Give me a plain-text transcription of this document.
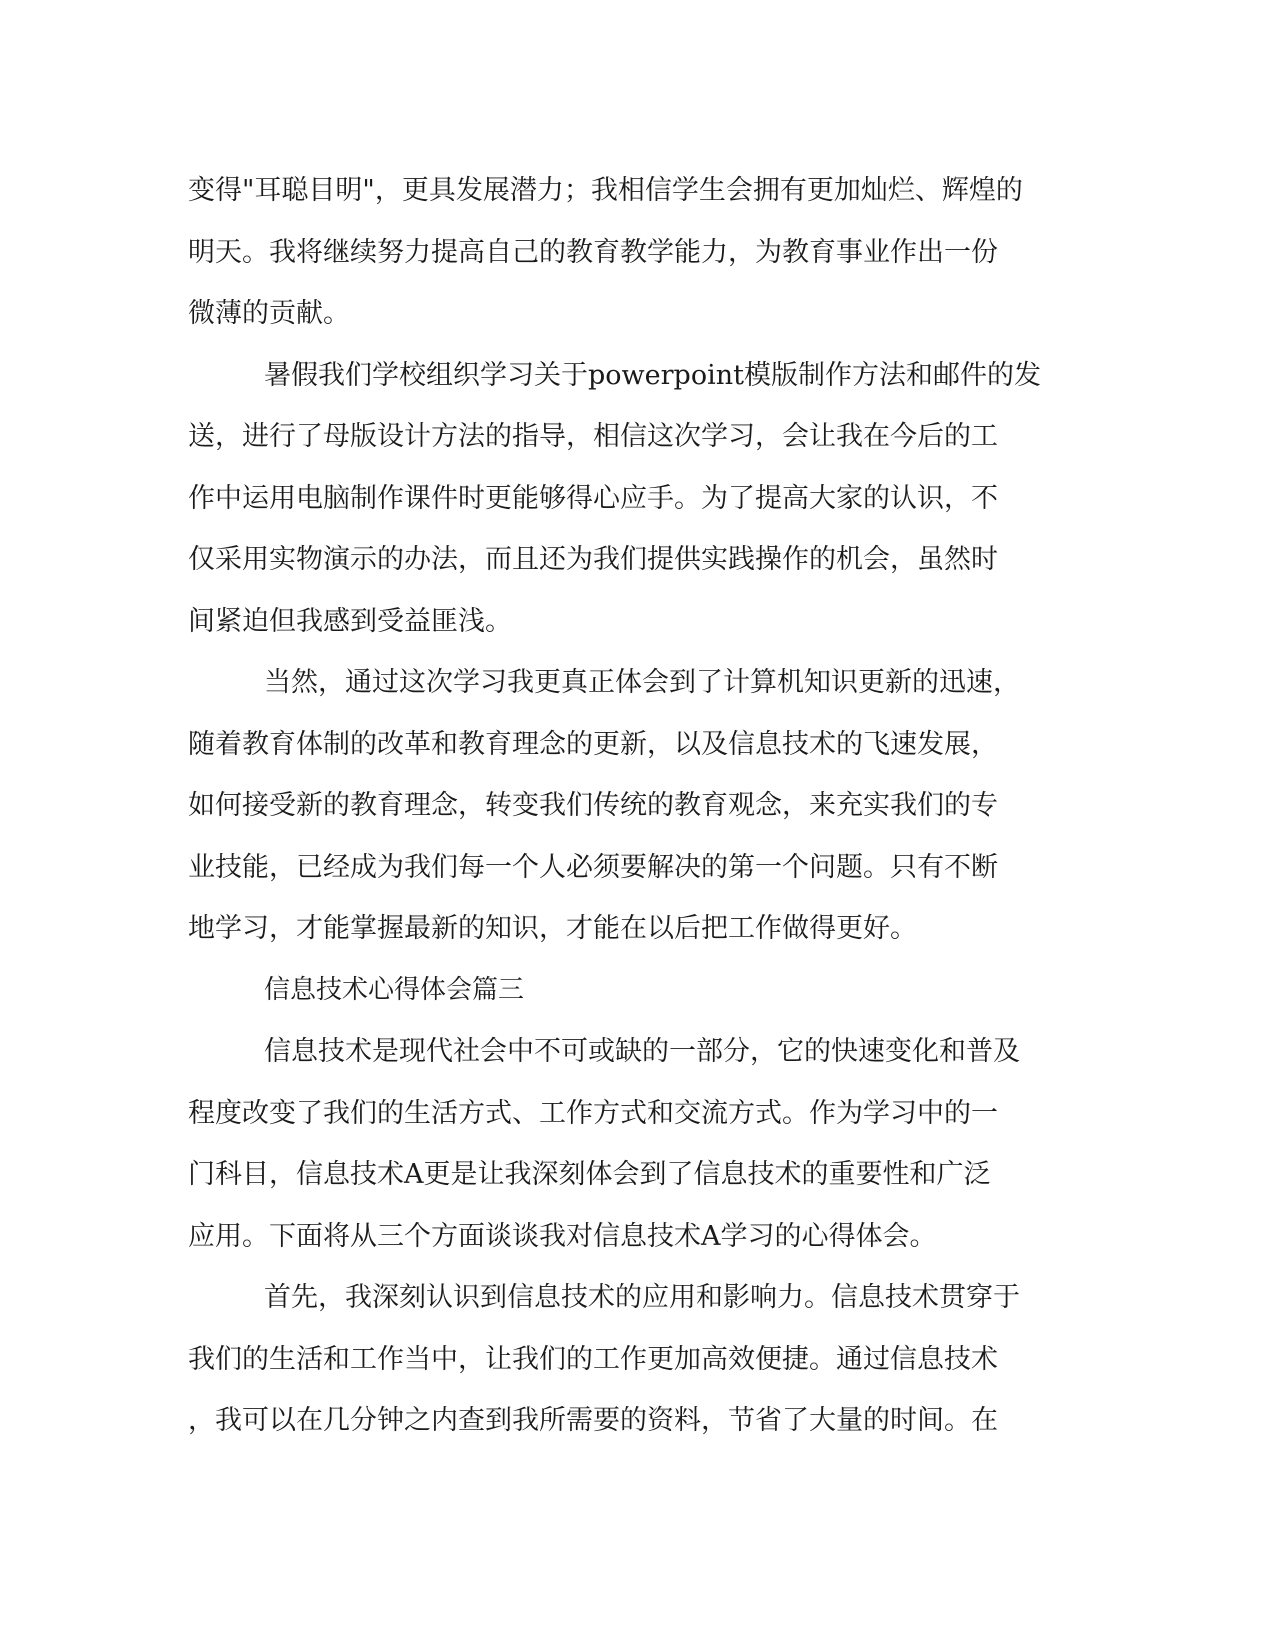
变得"耳聪目明"，更具发展潜力；我相信学生会拥有更加灿烂、辉煌的
明天。我将继续努力提高自己的教育教学能力，为教育事业作出一份
微薄的贡献。
暑假我们学校组织学习关于powerpoint模版制作方法和邮件的发
送，进行了母版设计方法的指导，相信这次学习，会让我在今后的工
作中运用电脑制作课件时更能够得心应手。为了提高大家的认识，不
仅采用实物演示的办法，而且还为我们提供实践操作的机会，虽然时
间紧迫但我感到受益匪浅。
当然，通过这次学习我更真正体会到了计算机知识更新的迅速，
随着教育体制的改革和教育理念的更新，以及信息技术的飞速发展，
如何接受新的教育理念，转变我们传统的教育观念，来充实我们的专
业技能，已经成为我们每一个人必须要解决的第一个问题。只有不断
地学习，才能掌握最新的知识，才能在以后把工作做得更好。
信息技术心得体会篇三
信息技术是现代社会中不可或缺的一部分，它的快速变化和普及
程度改变了我们的生活方式、工作方式和交流方式。作为学习中的一
门科目，信息技术A更是让我深刻体会到了信息技术的重要性和广泛
应用。下面将从三个方面谈谈我对信息技术A学习的心得体会。
首先，我深刻认识到信息技术的应用和影响力。信息技术贯穿于
我们的生活和工作当中，让我们的工作更加高效便捷。通过信息技术
，我可以在几分钟之内查到我所需要的资料，节省了大量的时间。在
